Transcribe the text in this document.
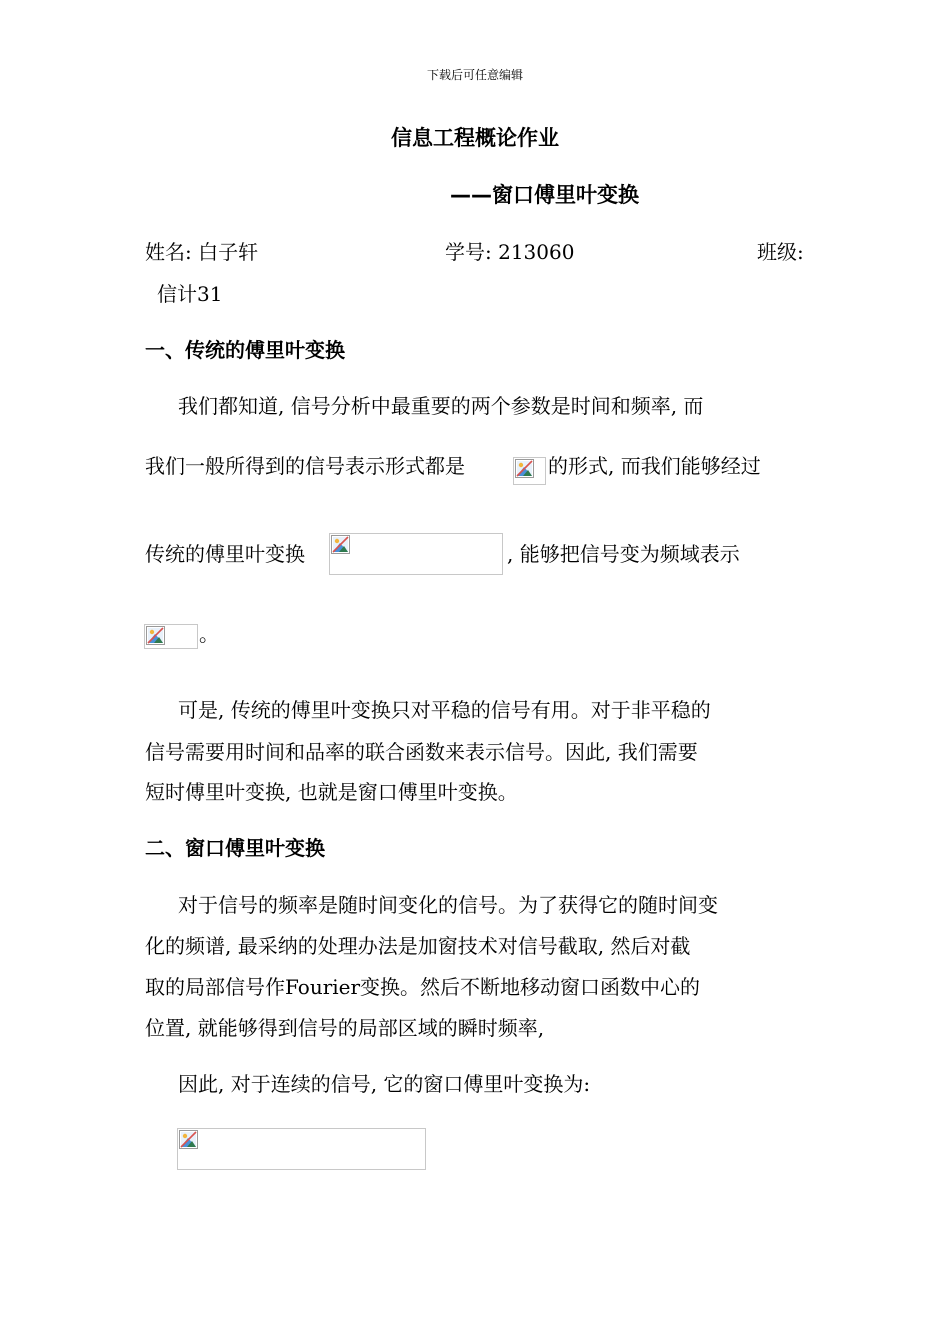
下载后可任意编辑
信息工程概论作业
——窗口傅里叶变换
姓名: 白子轩	学号: 213060	班级:
信计31
一、传统的傅里叶变换
我们都知道, 信号分析中最重要的两个参数是时间和频率, 而
我们一般所得到的信号表示形式都是	的形式, 而我们能够经过
传统的傅里叶变换	, 能够把信号变为频域表示
。
可是, 传统的傅里叶变换只对平稳的信号有用。对于非平稳的
信号需要用时间和品率的联合函数来表示信号。因此, 我们需要
短时傅里叶变换, 也就是窗口傅里叶变换。
二、窗口傅里叶变换
对于信号的频率是随时间变化的信号。为了获得它的随时间变
化的频谱, 最采纳的处理办法是加窗技术对信号截取, 然后对截
取的局部信号作Fourier变换。然后不断地移动窗口函数中心的
位置, 就能够得到信号的局部区域的瞬时频率,
因此, 对于连续的信号, 它的窗口傅里叶变换为:
